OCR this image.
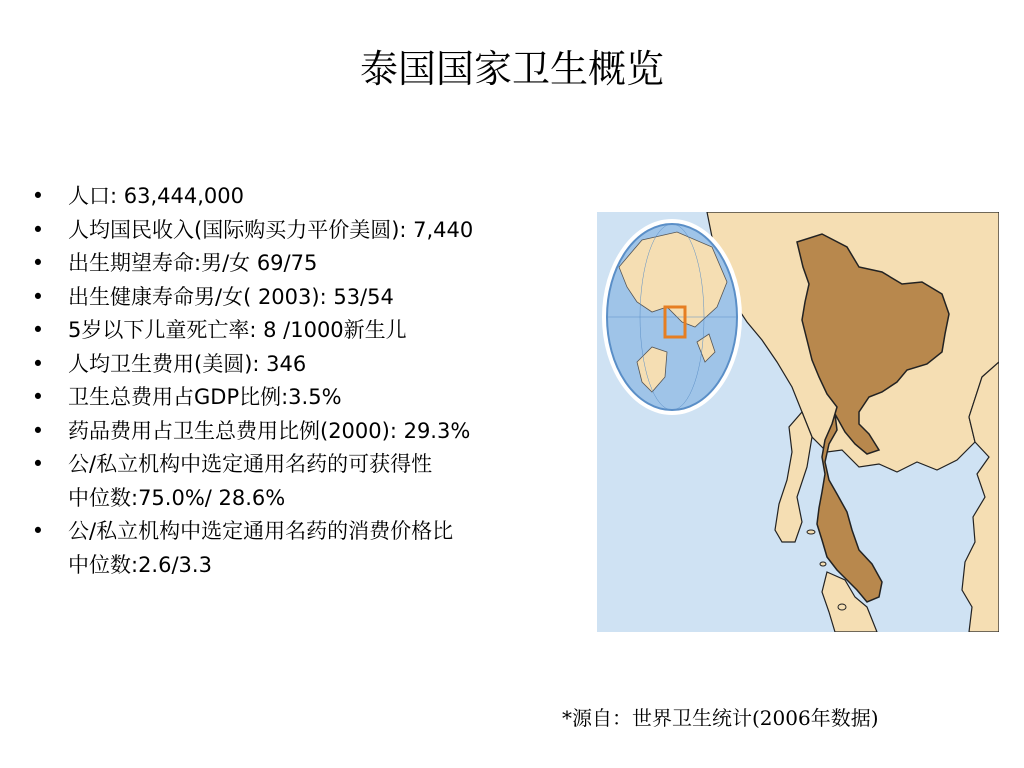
泰国国家卫生概览
• 人口: 63,444,000
• 人均国民收入(国际购买力平价美圆): 7,440
• 出生期望寿命:男/女 69/75
• 出生健康寿命男/女( 2003): 53/54
• 5岁以下儿童死亡率: 8 /1000新生儿
• 人均卫生费用(美圆): 346
• 卫生总费用占GDP比例:3.5%
• 药品费用占卫生总费用比例(2000): 29.3%
• 公/私立机构中选定通用名药的可获得性
中位数:75.0%/ 28.6%
• 公/私立机构中选定通用名药的消费价格比
中位数:2.6/3.3
*源自：世界卫生统计(2006年数据)
